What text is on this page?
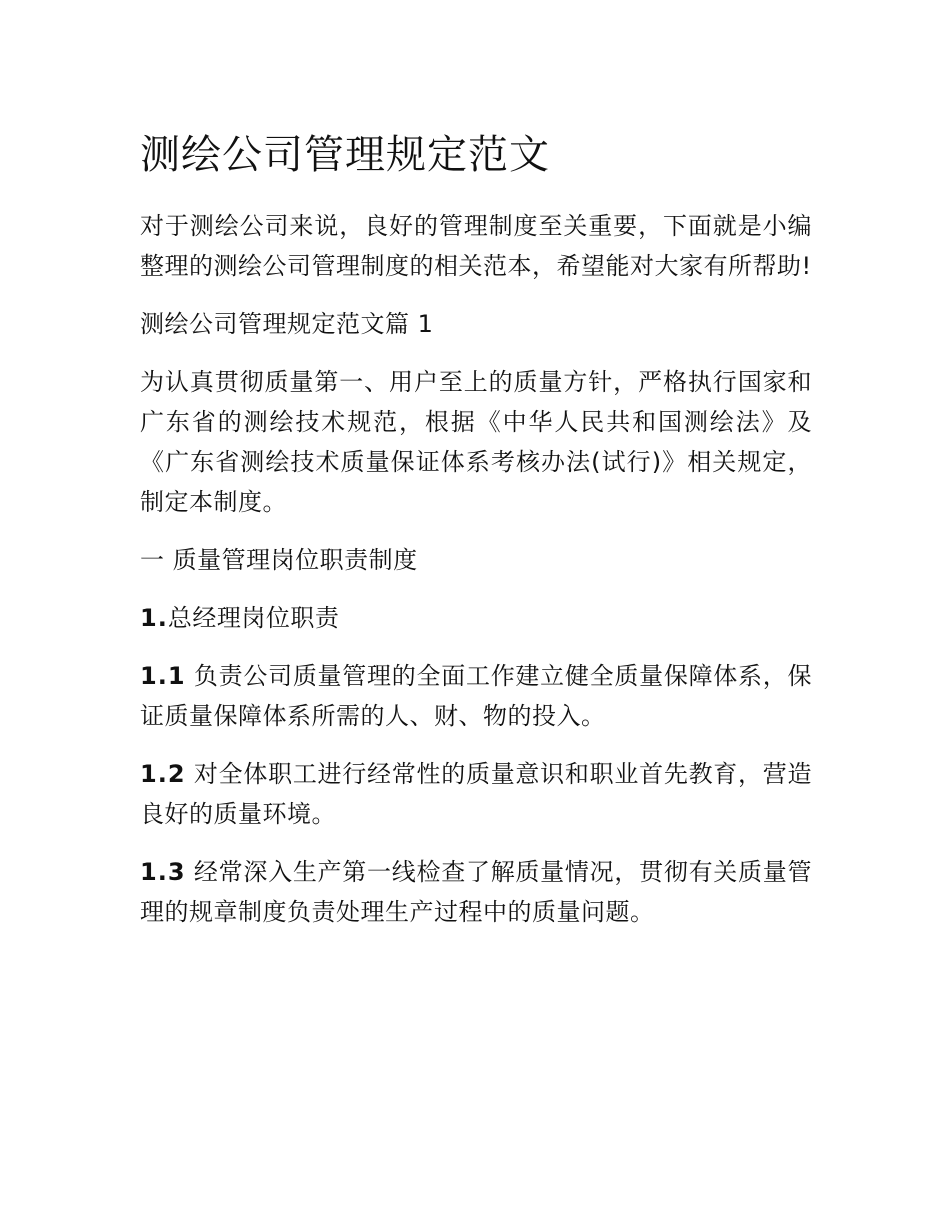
测绘公司管理规定范文

对于测绘公司来说，良好的管理制度至关重要，下面就是小编整理的测绘公司管理制度的相关范本，希望能对大家有所帮助!

测绘公司管理规定范文篇 1

为认真贯彻质量第一、用户至上的质量方针，严格执行国家和广东省的测绘技术规范，根据《中华人民共和国测绘法》及《广东省测绘技术质量保证体系考核办法(试行)》相关规定，制定本制度。

一 质量管理岗位职责制度

1.总经理岗位职责

1.1 负责公司质量管理的全面工作建立健全质量保障体系，保证质量保障体系所需的人、财、物的投入。

1.2 对全体职工进行经常性的质量意识和职业首先教育，营造良好的质量环境。

1.3 经常深入生产第一线检查了解质量情况，贯彻有关质量管理的规章制度负责处理生产过程中的质量问题。
